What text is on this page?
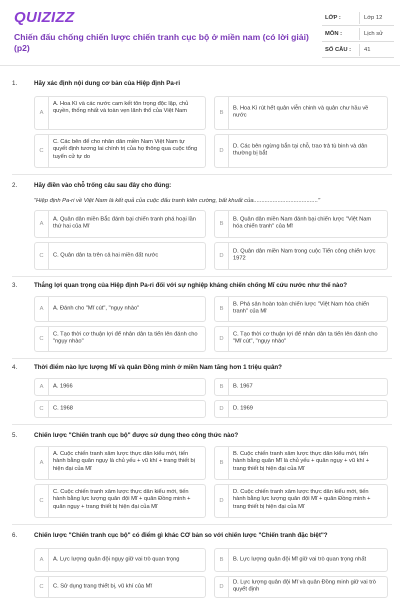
QUIZIZZ
Chiến đấu chống chiến lược chiến tranh cục bộ ở miền nam (có lời giải)(p2)
LỚP :	Lớp 12
MÔN :	Lịch sử
SỐ CÂU : 41
1.	Hãy xác định nội dung cơ bản của Hiệp định Pa-ri
A
A. Hoa Kì và các nước cam kết tôn trọng độc lập, chủ quyền, thống nhất và toàn vẹn lãnh thổ của Việt Nam	B
B. Hoa Kì rút hết quân viễn chinh và quân chư hầu về nước
C
C. Các bên để cho nhân dân miền Nam Việt Nam tự quyết định tương lai chính trị của họ thông qua cuộc tổng tuyển cử tự do
D
D. Các bên ngừng bắn tại chỗ, trao trả tù binh và dân thường bị bắt
2.	Hãy điền vào chỗ trống câu sau đây cho đúng:
"Hiệp định Pa-ri về Việt Nam là kết quả của cuộc đấu tranh kiên cường, bất khuất của........................................"
A
A. Quân dân miền Bắc đánh bại chiến tranh phá hoại lần thứ hai của Mĩ	B
B. Quân dân miền Nam đánh bại chiến lược "Việt Nam hóa chiến tranh" của Mĩ
C	C. Quân dân ta trên cả hai miền đất nước	D
D. Quân dân miền Nam trong cuộc Tiến công chiến lược 1972
3.	Thắng lợi quan trọng của Hiệp định Pa-ri đối với sự nghiệp kháng chiến chống Mĩ cứu nước như thế nào?
A	A. Đánh cho "Mĩ cút", "ngụy nhào"	B
B. Phá sản hoàn toàn chiến lược "Việt Nam hóa chiến tranh" của Mĩ
C
C. Tạo thời cơ thuận lợi để nhân dân ta tiến lên đánh cho "ngụy nhào"	D
C. Tạo thời cơ thuận lợi để nhân dân ta tiến lên đánh cho "Mĩ cút", "ngụy nhào"
4.	Thời điểm nào lực lượng Mĩ và quân Đồng minh ở miền Nam tăng hơn 1 triệu quân?
A	A. 1966	B	B. 1967
C	C. 1968	D	D. 1969
5.	Chiến lược "Chiến tranh cục bộ" được sử dụng theo công thức nào?
A
A. Cuộc chiến tranh xâm lược thực dân kiểu mới, tiến hành bằng quân ngụy là chủ yếu + vũ khí + trang thiết bị hiện đại của Mĩ
B
B. Cuộc chiến tranh xâm lược thực dân kiểu mới, tiến hành bằng quân Mĩ là chủ yếu + quân ngụy + vũ khí + trang thiết bị hiện đại của Mĩ
C
C. Cuộc chiến tranh xâm lược thực dân kiểu mới, tiến hành bằng lực lượng quân đội Mĩ + quân Đồng minh + quân ngụy + trang thiết bị hiện đại của Mĩ
D
D. Cuộc chiến tranh xâm lược thực dân kiểu mới, tiến hành bằng lực lượng quân đội Mĩ + quân Đồng minh + trang thiết bị hiện đại của Mĩ
6.	Chiến lược "Chiến tranh cục bộ" có điểm gì khác CƠ bản so với chiến lược "Chiến tranh đặc biệt"?
A	A. Lực lượng quân đội ngụy giữ vai trò quan trọng	B	B. Lực lượng quân đội Mĩ giữ vai trò quan trọng nhất
C	C. Sử dụng trang thiết bị, vũ khí của Mĩ	D
D. Lực lượng quân đội Mĩ và quân Đồng minh giữ vai trò quyết định
